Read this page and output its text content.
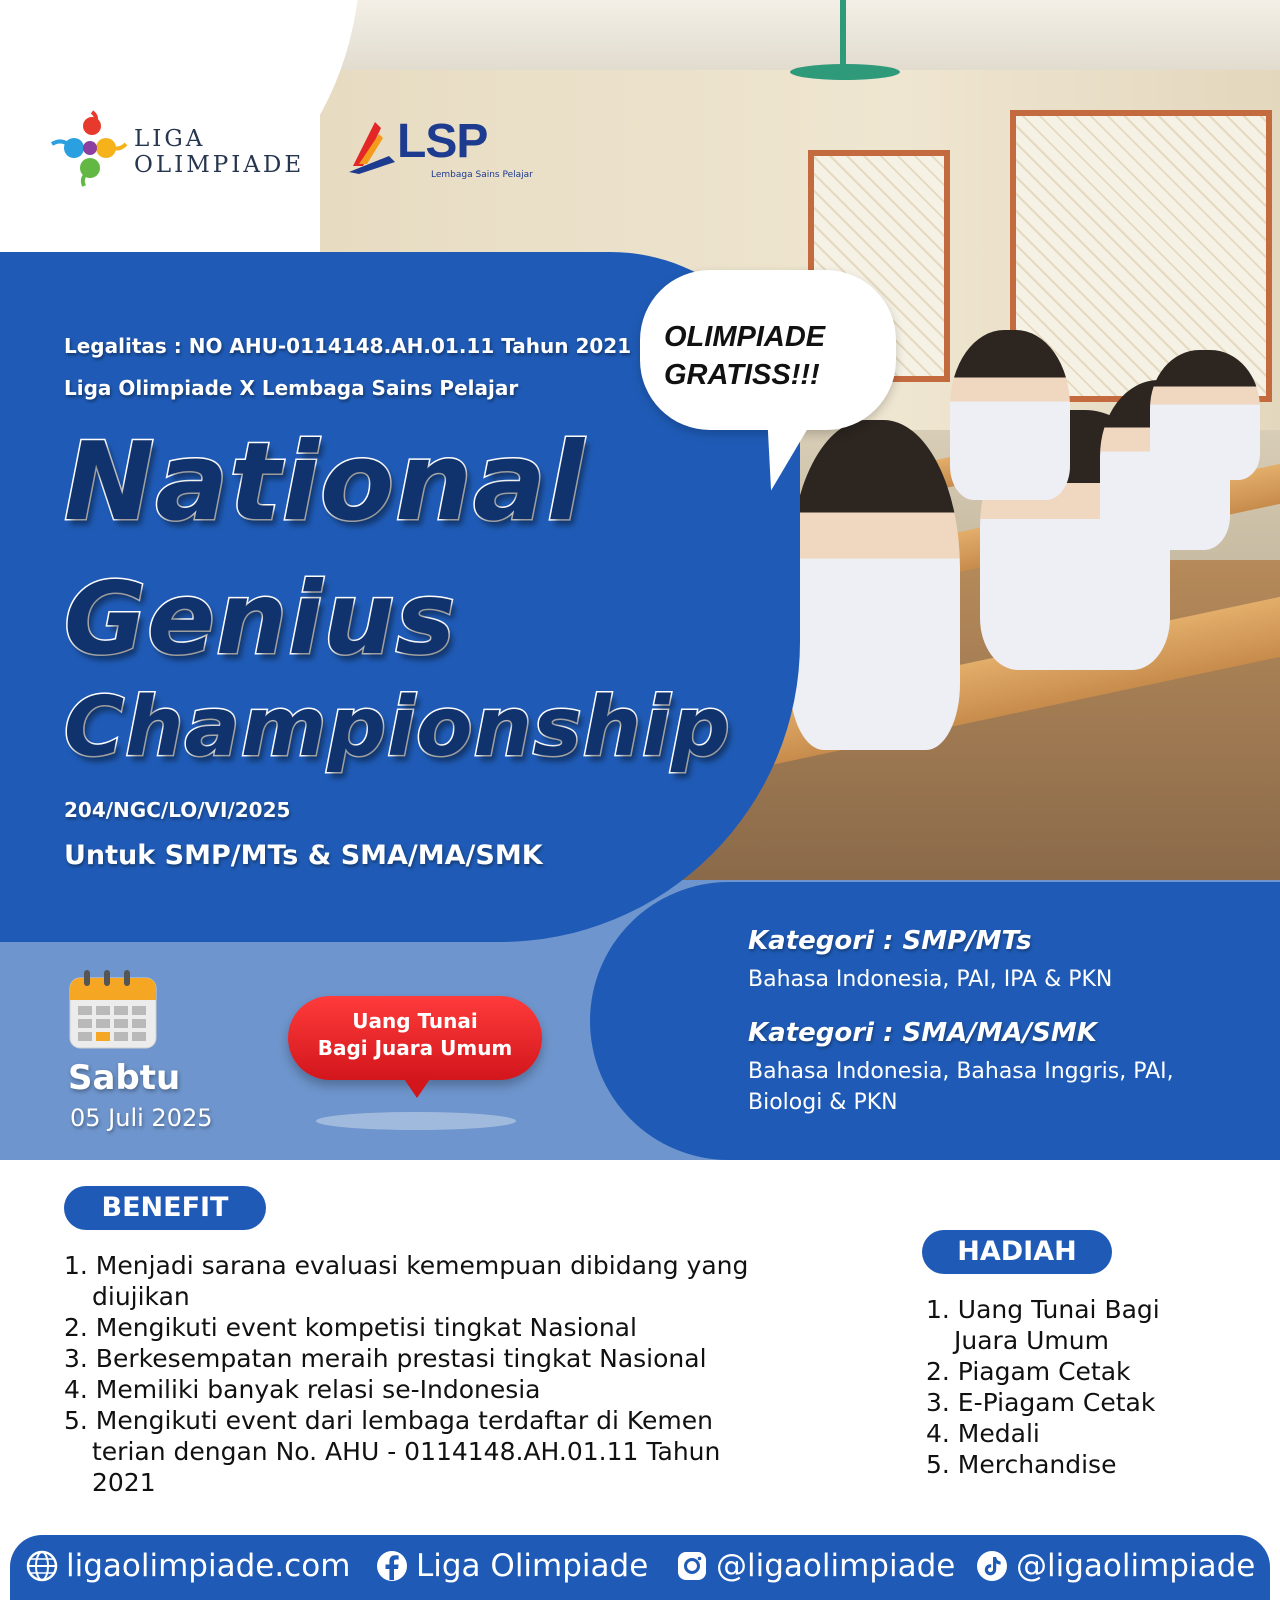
LIGA
OLIMPIADE LSP
Lembaga Sains Pelajar
OLIMPIADE
GRATISS!!!
Legalitas : NO AHU-0114148.AH.01.11 Tahun 2021
Liga Olimpiade X Lembaga Sains Pelajar
National
Genius
Championship
204/NGC/LO/VI/2025
Untuk SMP/MTs & SMA/MA/SMK
Sabtu
05 Juli 2025
Uang Tunai
Bagi Juara Umum
Kategori : SMP/MTs
Bahasa Indonesia, PAI, IPA & PKN
Kategori : SMA/MA/SMK
Bahasa Indonesia, Bahasa Inggris, PAI, Biologi & PKN
BENEFIT
1. Menjadi sarana evaluasi kemempuan dibidang yang diujikan
2. Mengikuti event kompetisi tingkat Nasional
3. Berkesempatan meraih prestasi tingkat Nasional
4. Memiliki banyak relasi se-Indonesia
5. Mengikuti event dari lembaga terdaftar di Kemen terian dengan No. AHU - 0114148.AH.01.11 Tahun 2021
HADIAH
1. Uang Tunai Bagi Juara Umum
2. Piagam Cetak
3. E-Piagam Cetak
4. Medali
5. Merchandise
ligaolimpiade.com Liga Olimpiade @ligaolimpiade @ligaolimpiade
